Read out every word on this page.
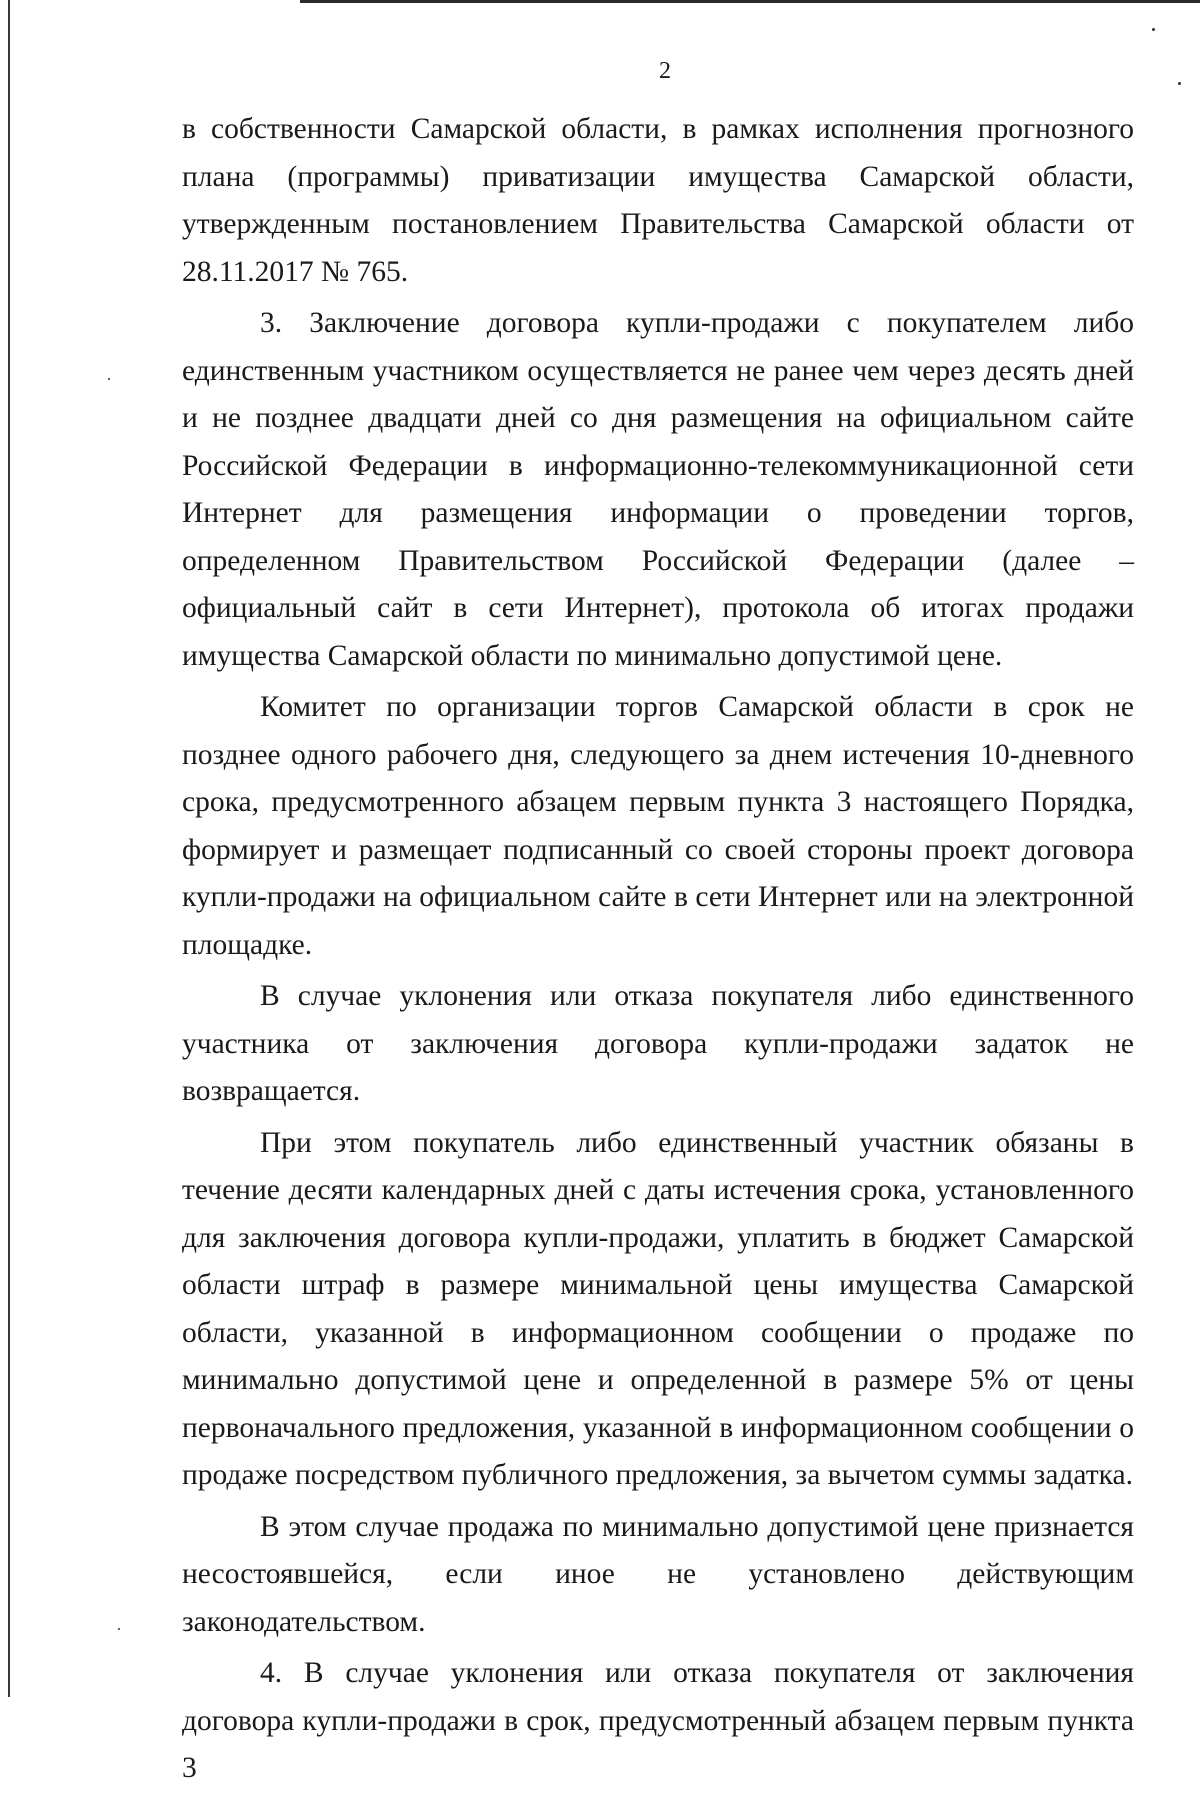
2

в собственности Самарской области, в рамках исполнения прогнозного плана (программы) приватизации имущества Самарской области, утвержденным постановлением Правительства Самарской области от 28.11.2017 № 765.

3. Заключение договора купли-продажи с покупателем либо единственным участником осуществляется не ранее чем через десять дней и не позднее двадцати дней со дня размещения на официальном сайте Российской Федерации в информационно-телекоммуникационной сети Интернет для размещения информации о проведении торгов, определенном Правительством Российской Федерации (далее – официальный сайт в сети Интернет), протокола об итогах продажи имущества Самарской области по минимально допустимой цене.

Комитет по организации торгов Самарской области в срок не позднее одного рабочего дня, следующего за днем истечения 10-дневного срока, предусмотренного абзацем первым пункта 3 настоящего Порядка, формирует и размещает подписанный со своей стороны проект договора купли-продажи на официальном сайте в сети Интернет или на электронной площадке.

В случае уклонения или отказа покупателя либо единственного участника от заключения договора купли-продажи задаток не возвращается.

При этом покупатель либо единственный участник обязаны в течение десяти календарных дней с даты истечения срока, установленного для заключения договора купли-продажи, уплатить в бюджет Самарской области штраф в размере минимальной цены имущества Самарской области, указанной в информационном сообщении о продаже по минимально допустимой цене и определенной в размере 5% от цены первоначального предложения, указанной в информационном сообщении о продаже посредством публичного предложения, за вычетом суммы задатка.

В этом случае продажа по минимально допустимой цене признается несостоявшейся, если иное не установлено действующим законодательством.

4. В случае уклонения или отказа покупателя от заключения договора купли-продажи в срок, предусмотренный абзацем первым пункта 3
